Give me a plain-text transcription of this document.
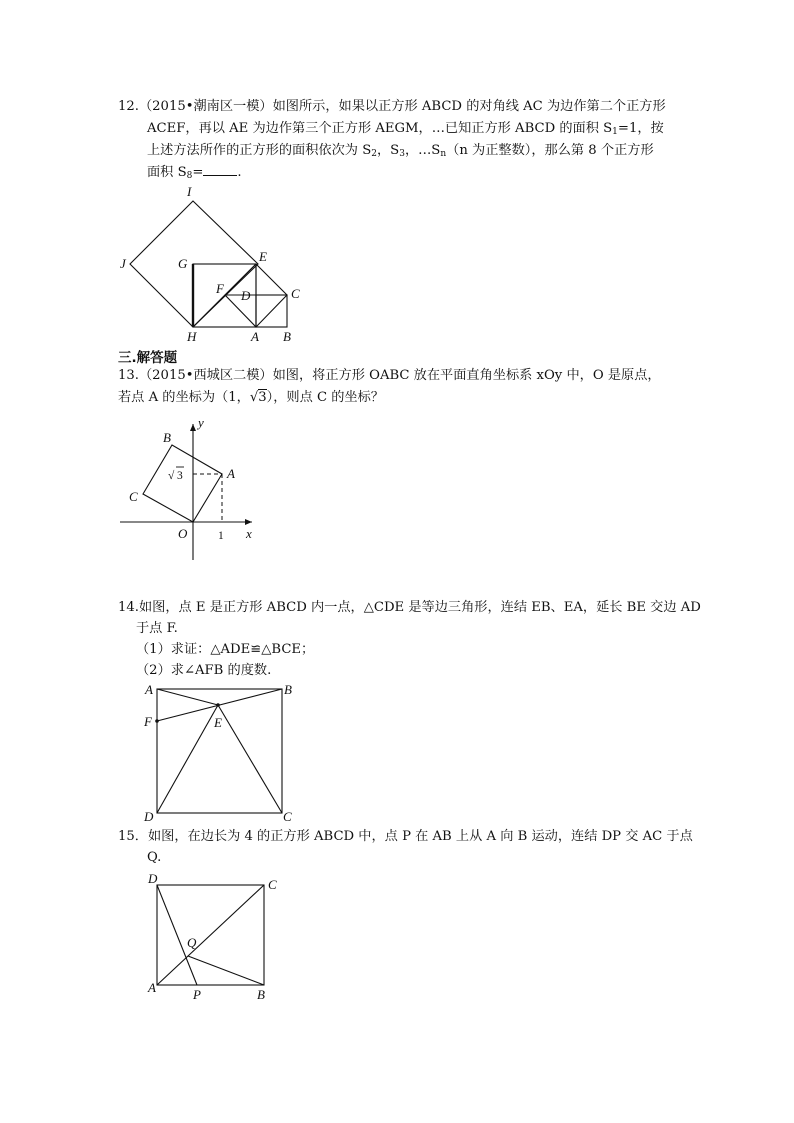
12.（2015•潮南区一模）如图所示，如果以正方形 ABCD 的对角线 AC 为边作第二个正方形
ACEF，再以 AE 为边作第三个正方形 AEGM，…已知正方形 ABCD 的面积 $S_1=1$，按
上述方法所作的正方形的面积依次为 $S_2$，$S_3$，$\dots S_n(n$ 为正整数），那么第 8 个正方形
面积 $S_8=$	.
I
J	G	E
F D	C
H	A B
三.解答题
13.（2015•西城区二模）如图，将正方形 OABC 放在平面直角坐标系 xOy 中，O 是原点，
若点 A 的坐标为（1，√3），则点 C 的坐标？
y
x
B
A
C
O	1
√ 3
14.如图，点 E 是正方形 ABCD 内一点，△CDE 是等边三角形，连结 EB、EA，延长 BE 交边 AD
于点 F.
（1）求证：△ADE≌△BCE；
（2）求∠AFB 的度数.
A	B
F	E
D	C
15．如图，在边长为 4 的正方形 ABCD 中，点 P 在 AB 上从 A 向 B 运动，连结 DP 交 AC 于点
Q.
D	C
Q
A	P	B
